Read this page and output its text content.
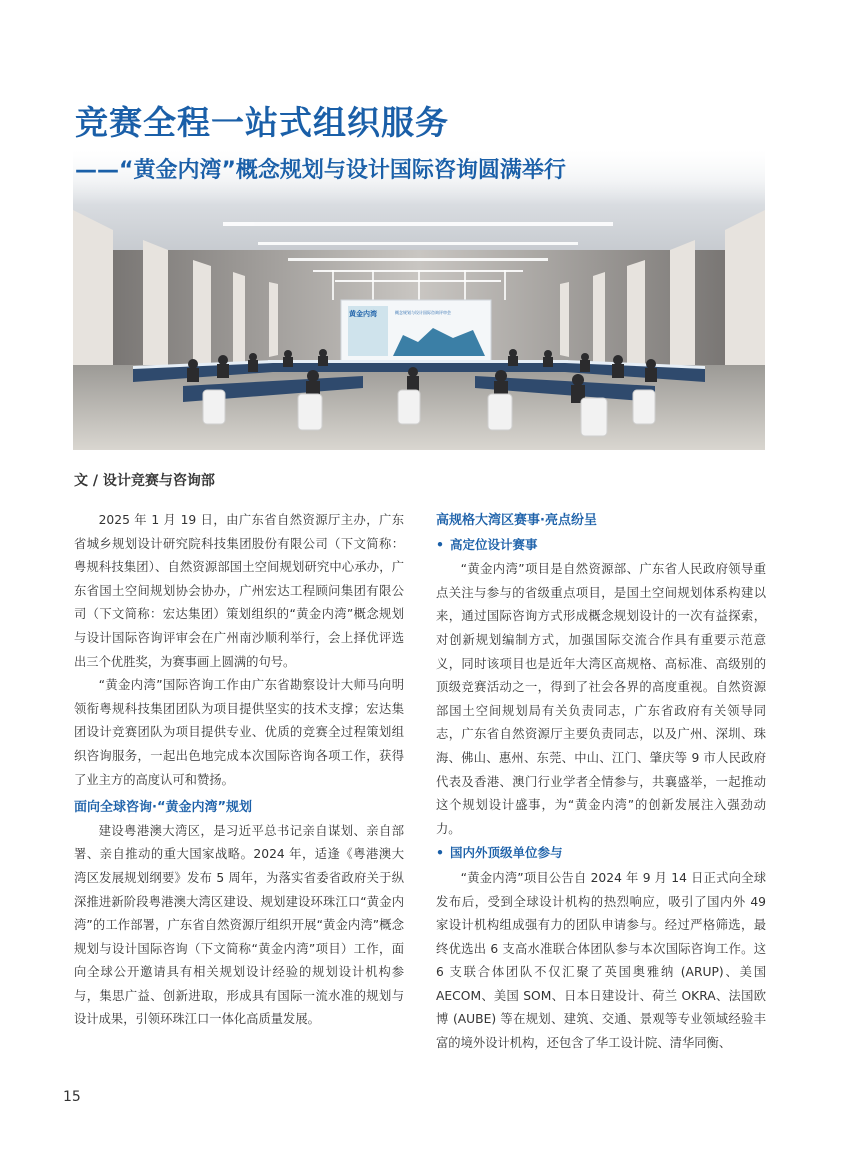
竞赛全程一站式组织服务
黄金内湾	概念规划与设计国际咨询评审会
——“黄金内湾”概念规划与设计国际咨询圆满举行

文 / 设计竞赛与咨询部

2025 年 1 月 19 日，由广东省自然资源厅主办，广东省城乡规划设计研究院科技集团股份有限公司（下文简称：粤规科技集团）、自然资源部国土空间规划研究中心承办，广东省国土空间规划协会协办，广州宏达工程顾问集团有限公司（下文简称：宏达集团）策划组织的“黄金内湾”概念规划与设计国际咨询评审会在广州南沙顺利举行，会上择优评选出三个优胜奖，为赛事画上圆满的句号。

“黄金内湾”国际咨询工作由广东省勘察设计大师马向明领衔粤规科技集团团队为项目提供坚实的技术支撑；宏达集团设计竞赛团队为项目提供专业、优质的竞赛全过程策划组织咨询服务，一起出色地完成本次国际咨询各项工作，获得了业主方的高度认可和赞扬。

面向全球咨询·“黄金内湾”规划

建设粤港澳大湾区，是习近平总书记亲自谋划、亲自部署、亲自推动的重大国家战略。2024 年，适逢《粤港澳大湾区发展规划纲要》发布 5 周年，为落实省委省政府关于纵深推进新阶段粤港澳大湾区建设、规划建设环珠江口“黄金内湾”的工作部署，广东省自然资源厅组织开展“黄金内湾”概念规划与设计国际咨询（下文简称“黄金内湾”项目）工作，面向全球公开邀请具有相关规划设计经验的规划设计机构参与，集思广益、创新进取，形成具有国际一流水准的规划与设计成果，引领环珠江口一体化高质量发展。

高规格大湾区赛事·亮点纷呈
• 高定位设计赛事

“黄金内湾”项目是自然资源部、广东省人民政府领导重点关注与参与的省级重点项目，是国土空间规划体系构建以来，通过国际咨询方式形成概念规划设计的一次有益探索，对创新规划编制方式，加强国际交流合作具有重要示范意义，同时该项目也是近年大湾区高规格、高标准、高级别的顶级竞赛活动之一，得到了社会各界的高度重视。自然资源部国土空间规划局有关负责同志，广东省政府有关领导同志，广东省自然资源厅主要负责同志，以及广州、深圳、珠海、佛山、惠州、东莞、中山、江门、肇庆等 9 市人民政府代表及香港、澳门行业学者全情参与，共襄盛举，一起推动这个规划设计盛事，为“黄金内湾”的创新发展注入强劲动力。

• 国内外顶级单位参与

“黄金内湾”项目公告自 2024 年 9 月 14 日正式向全球发布后，受到全球设计机构的热烈响应，吸引了国内外 49 家设计机构组成强有力的团队申请参与。经过严格筛选，最终优选出 6 支高水准联合体团队参与本次国际咨询工作。这 6 支联合体团队不仅汇聚了英国奥雅纳 (ARUP)、美国 AECOM、美国 SOM、日本日建设计、荷兰 OKRA、法国欧博 (AUBE) 等在规划、建筑、交通、景观等专业领域经验丰富的境外设计机构，还包含了华工设计院、清华同衡、

15
